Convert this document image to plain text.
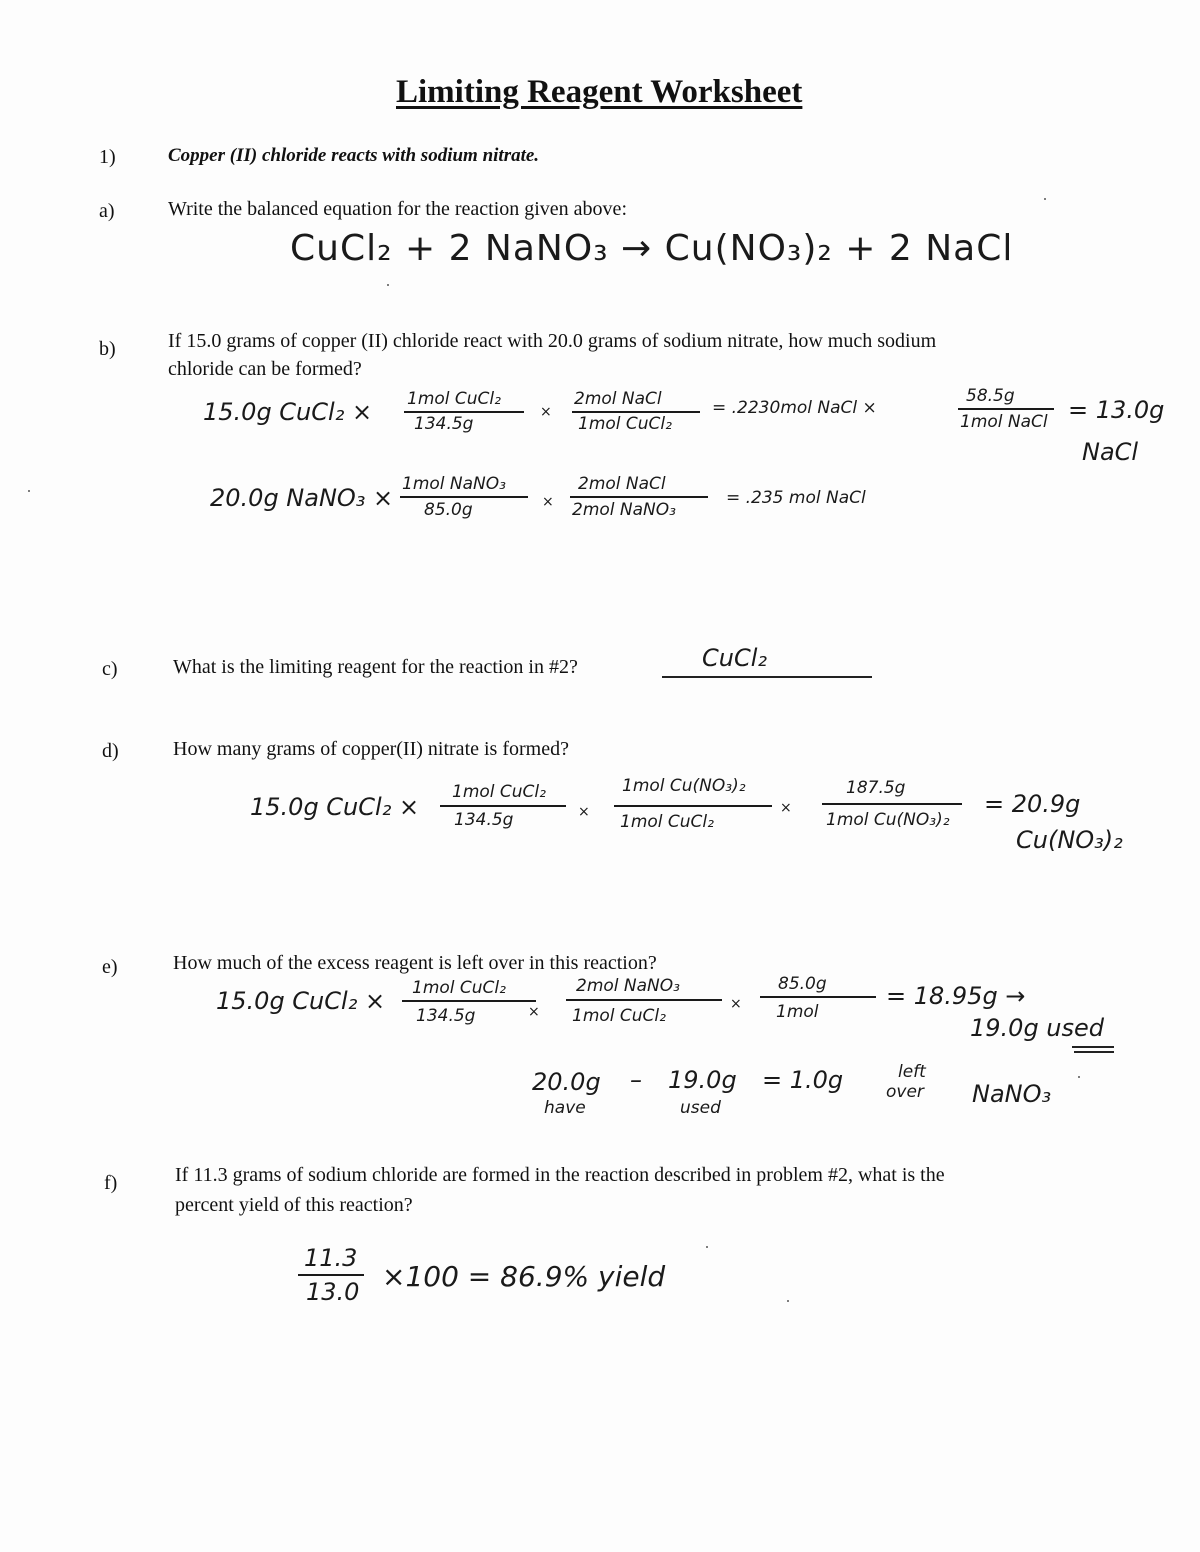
Limiting Reagent Worksheet
1)	Copper (II) chloride reacts with sodium nitrate.
a)	Write the balanced equation for the reaction given above:
CuCl₂ + 2 NaNO₃ → Cu(NO₃)₂ + 2 NaCl
b)	If 15.0 grams of copper (II) chloride react with 20.0 grams of sodium nitrate, how much sodium
chloride can be formed?
15.0g CuCl₂ × 1mol CuCl₂
134.5g
×
2mol NaCl
1mol CuCl₂
= .2230mol NaCl ×
58.5g
1mol NaCl = 13.0g
NaCl
20.0g NaNO₃ × 1mol NaNO₃
85.0g	×
2mol NaCl
2mol NaNO₃
= .235 mol NaCl
c)	What is the limiting reagent for the reaction in #2?	CuCl₂
d)	How many grams of copper(II) nitrate is formed?
15.0g CuCl₂ ×
1mol CuCl₂
134.5g	×
1mol Cu(NO₃)₂
1mol CuCl₂
×
187.5g
1mol Cu(NO₃)₂
= 20.9g
Cu(NO₃)₂
e)	How much of the excess reagent is left over in this reaction?
15.0g CuCl₂ × 1mol CuCl₂
134.5g	×
2mol NaNO₃
1mol CuCl₂
×
85.0g
1mol
= 18.95g →
19.0g used
20.0g
have
– 19.0g
used
= 1.0g	left
over NaNO₃
f)	If 11.3 grams of sodium chloride are formed in the reaction described in problem #2, what is the
percent yield of this reaction?
11.3
13.0 ×100 = 86.9% yield
